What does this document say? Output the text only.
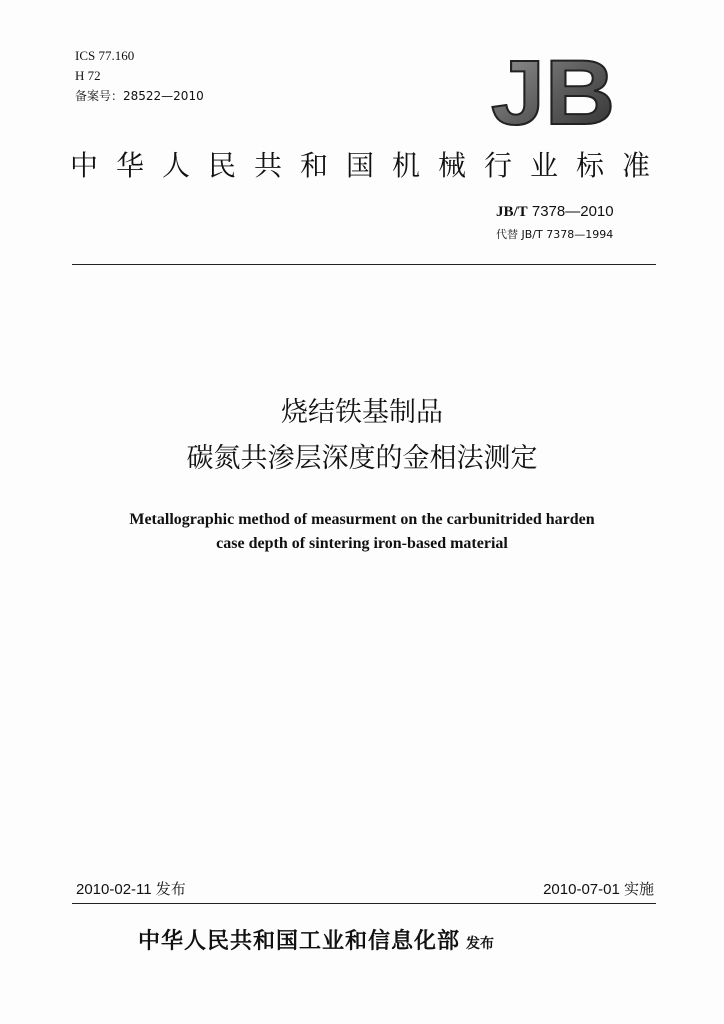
ICS 77.160
H 72
备案号：28522—2010	JB
中华人民共和国机械行业标准
JB/T 7378—2010
代替 JB/T 7378—1994
烧结铁基制品
碳氮共渗层深度的金相法测定
Metallographic method of measurment on the carbunitrided harden
case depth of sintering iron-based material
2010-02-11 发布	2010-07-01 实施
中华人民共和国工业和信息化部 发布
